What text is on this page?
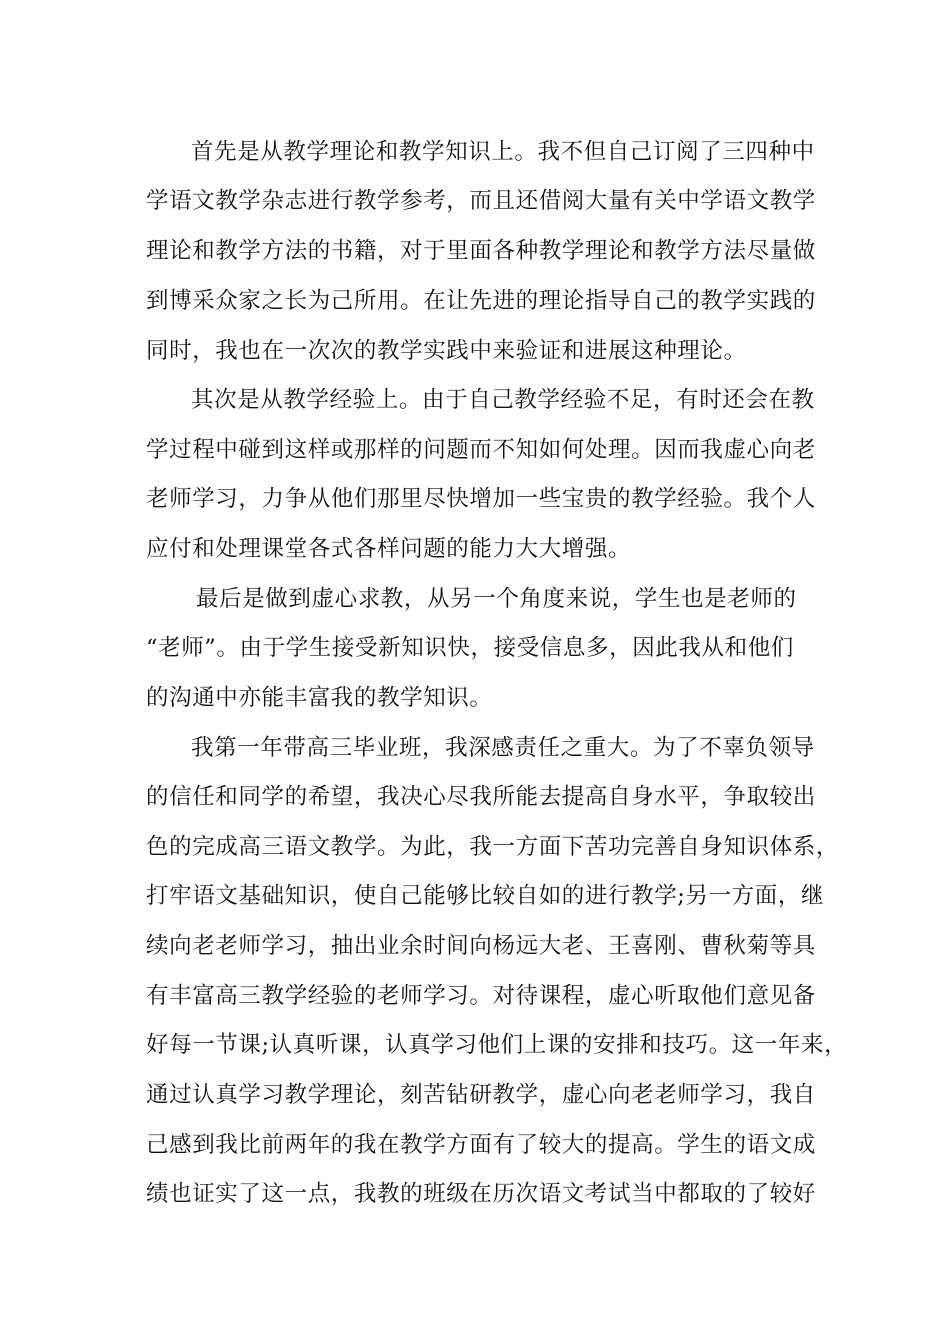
首先是从教学理论和教学知识上。我不但自己订阅了三四种中
学语文教学杂志进行教学参考，而且还借阅大量有关中学语文教学
理论和教学方法的书籍，对于里面各种教学理论和教学方法尽量做
到博采众家之长为己所用。在让先进的理论指导自己的教学实践的
同时，我也在一次次的教学实践中来验证和进展这种理论。
其次是从教学经验上。由于自己教学经验不足，有时还会在教
学过程中碰到这样或那样的问题而不知如何处理。因而我虚心向老
老师学习，力争从他们那里尽快增加一些宝贵的教学经验。我个人
应付和处理课堂各式各样问题的能力大大增强。
最后是做到虚心求教，从另一个角度来说，学生也是老师的
“老师”。由于学生接受新知识快，接受信息多，因此我从和他们
的沟通中亦能丰富我的教学知识。
我第一年带高三毕业班，我深感责任之重大。为了不辜负领导
的信任和同学的希望，我决心尽我所能去提高自身水平，争取较出
色的完成高三语文教学。为此，我一方面下苦功完善自身知识体系，
打牢语文基础知识，使自己能够比较自如的进行教学;另一方面，继
续向老老师学习，抽出业余时间向杨远大老、王喜刚、曹秋菊等具
有丰富高三教学经验的老师学习。对待课程，虚心听取他们意见备
好每一节课;认真听课，认真学习他们上课的安排和技巧。这一年来，
通过认真学习教学理论，刻苦钻研教学，虚心向老老师学习，我自
己感到我比前两年的我在教学方面有了较大的提高。学生的语文成
绩也证实了这一点，我教的班级在历次语文考试当中都取的了较好
